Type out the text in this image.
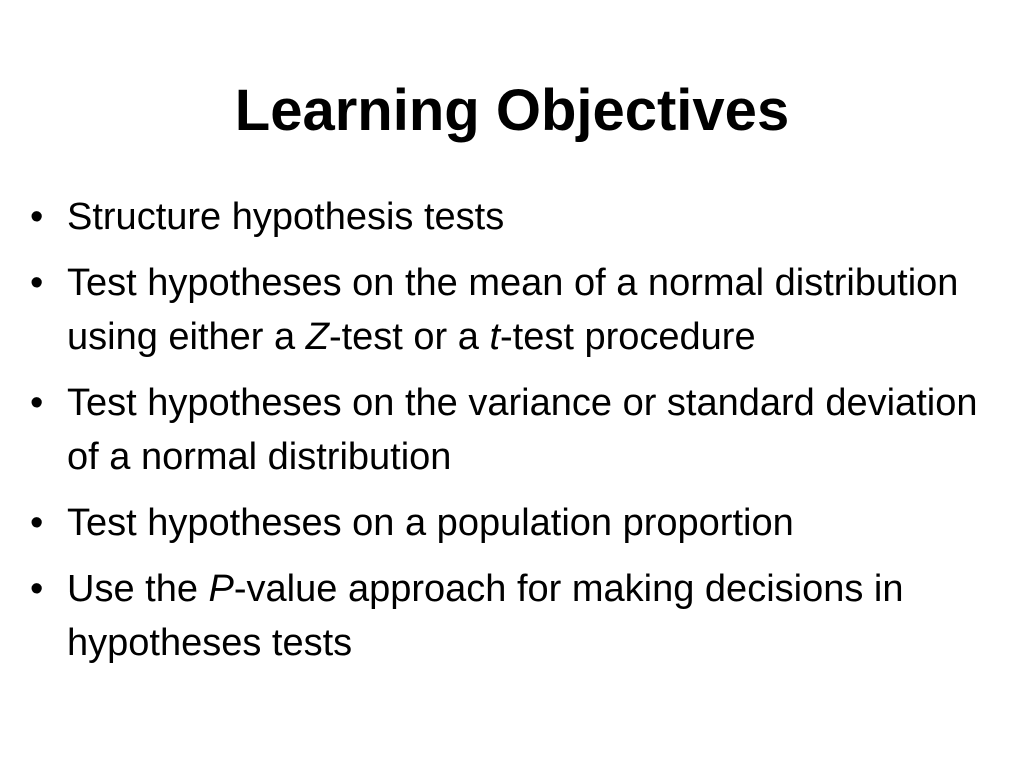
Learning Objectives
• Structure hypothesis tests
• Test hypotheses on the mean of a normal distribution using either a Z-test or a t-test procedure
• Test hypotheses on the variance or standard deviation of a normal distribution
• Test hypotheses on a population proportion
• Use the P-value approach for making decisions in hypotheses tests
